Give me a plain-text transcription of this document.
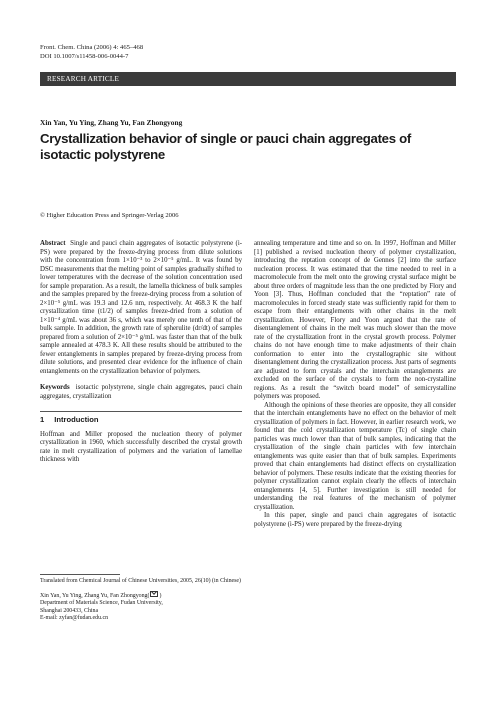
Front. Chem. China (2006) 4: 465–468
DOI 10.1007/s11458-006-0044-7
RESEARCH ARTICLE
Xin Yan, Yu Ying, Zhang Yu, Fan Zhongyong
Crystallization behavior of single or pauci chain aggregates of isotactic polystyrene
© Higher Education Press and Springer-Verlag 2006

Abstract Single and pauci chain aggregates of isotactic polystyrene (i-PS) were prepared by the freeze-drying process from dilute solutions with the concentration from 1×10⁻³ to 2×10⁻⁵ g/mL. It was found by DSC measurements that the melting point of samples gradually shifted to lower temperatures with the decrease of the solution concentration used for sample preparation. As a result, the lamella thickness of bulk samples and the samples prepared by the freeze-drying process from a solution of 2×10⁻⁵ g/mL was 19.3 and 12.6 nm, respectively. At 468.3 K the half crystallization time (t1/2) of samples freeze-dried from a solution of 1×10⁻⁴ g/mL was about 36 s, which was merely one tenth of that of the bulk sample. In addition, the growth rate of spherulite (dr/dt) of samples prepared from a solution of 2×10⁻⁵ g/mL was faster than that of the bulk sample annealed at 478.3 K. All these results should be attributed to the fewer entanglements in samples prepared by freeze-drying process from dilute solutions, and presented clear evidence for the influence of chain entanglements on the crystallization behavior of polymers.

Keywords isotactic polystyrene, single chain aggregates, pauci chain aggregates, crystallization

1 Introduction

Hoffman and Miller proposed the nucleation theory of polymer crystallization in 1960, which successfully described the crystal growth rate in melt crystallization of polymers and the variation of lamellae thickness with

Translated from Chemical Journal of Chinese Universities, 2005, 26(10) (in Chinese)

Xin Yan, Yu Ying, Zhang Yu, Fan Zhongyong( )

Department of Materials Science, Fudan University,

Shanghai 200433, China

E-mail: zyfan@fudan.edu.cn

annealing temperature and time and so on. In 1997, Hoffman and Miller [1] published a revised nucleation theory of polymer crystallization, introducing the reptation concept of de Gennes [2] into the surface nucleation process. It was estimated that the time needed to reel in a macromolecule from the melt onto the growing crystal surface might be about three orders of magnitude less than the one predicted by Flory and Yoon [3]. Thus, Hoffman concluded that the “reptation” rate of macromolecules in forced steady state was sufficiently rapid for them to escape from their entanglements with other chains in the melt crystallization. However, Flory and Yoon argued that the rate of disentanglement of chains in the melt was much slower than the move rate of the crystallization front in the crystal growth process. Polymer chains do not have enough time to make adjustments of their chain conformation to enter into the crystallographic site without disentanglement during the crystallization process. Just parts of segments are adjusted to form crystals and the interchain entanglements are excluded on the surface of the crystals to form the non-crystalline regions. As a result the “switch board model” of semicrystalline polymers was proposed.

Although the opinions of these theories are opposite, they all consider that the interchain entanglements have no effect on the behavior of melt crystallization of polymers in fact. However, in earlier research work, we found that the cold crystallization temperature (Tc) of single chain particles was much lower than that of bulk samples, indicating that the crystallization of the single chain particles with few interchain entanglements was quite easier than that of bulk samples. Experiments proved that chain entanglements had distinct effects on crystallization behavior of polymers. These results indicate that the existing theories for polymer crystallization cannot explain clearly the effects of interchain entanglements [4, 5]. Further investigation is still needed for understanding the real features of the mechanism of polymer crystallization.

In this paper, single and pauci chain aggregates of isotactic polystyrene (i-PS) were prepared by the freeze-drying
